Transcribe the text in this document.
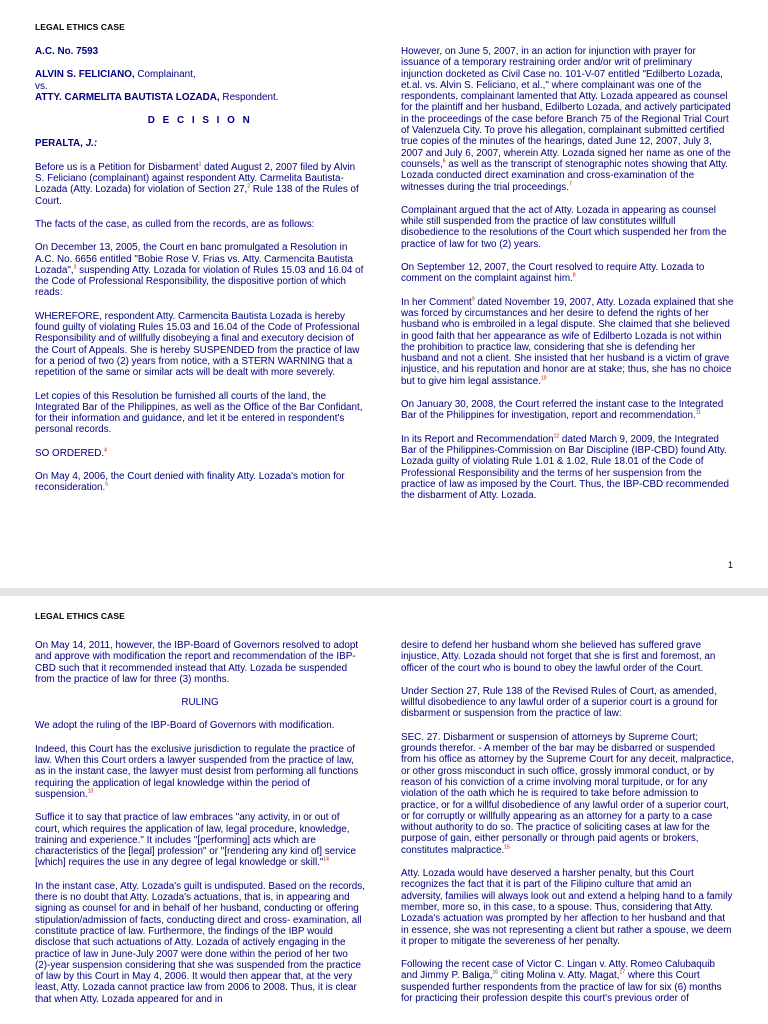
LEGAL ETHICS CASE

A.C. No. 7593

ALVIN S. FELICIANO, Complainant,
vs.
ATTY. CARMELITA BAUTISTA LOZADA, Respondent.

D E C I S I O N

PERALTA, J.:

Before us is a Petition for Disbarment$^1$ dated August 2, 2007 filed by Alvin S. Feliciano (complainant) against respondent Atty. Carmelita Bautista-Lozada (Atty. Lozada) for violation of Section 27,$^2$ Rule 138 of the Rules of Court.

The facts of the case, as culled from the records, are as follows:

On December 13, 2005, the Court en banc promulgated a Resolution in A.C. No. 6656 entitled "Bobie Rose V. Frias vs. Atty. Carmencita Bautista Lozada",$^3$ suspending Atty. Lozada for violation of Rules 15.03 and 16.04 of the Code of Professional Responsibility, the dispositive portion of which reads:

WHEREFORE, respondent Atty. Carmencita Bautista Lozada is hereby found guilty of violating Rules 15.03 and 16.04 of the Code of Professional Responsibility and of willfully disobeying a final and executory decision of the Court of Appeals. She is hereby SUSPENDED from the practice of law for a period of two (2) years from notice, with a STERN WARNING that a repetition of the same or similar acts will be dealt with more severely.

Let copies of this Resolution be furnished all courts of the land, the Integrated Bar of the Philippines, as well as the Office of the Bar Confidant, for their information and guidance, and let it be entered in respondent's personal records.

SO ORDERED.$^4$

On May 4, 2006, the Court denied with finality Atty. Lozada's motion for reconsideration.$^5$

However, on June 5, 2007, in an action for injunction with prayer for issuance of a temporary restraining order and/or writ of preliminary injunction docketed as Civil Case no. 101-V-07 entitled "Edilberto Lozada, et.al. vs. Alvin S. Feliciano, et al.," where complainant was one of the respondents, complainant lamented that Atty. Lozada appeared as counsel for the plaintiff and her husband, Edilberto Lozada, and actively participated in the proceedings of the case before Branch 75 of the Regional Trial Court of Valenzuela City. To prove his allegation, complainant submitted certified true copies of the minutes of the hearings, dated June 12, 2007, July 3, 2007 and July 6, 2007, wherein Atty. Lozada signed her name as one of the counsels,$^6$ as well as the transcript of stenographic notes showing that Atty. Lozada conducted direct examination and cross-examination of the witnesses during the trial proceedings.$^7$

Complainant argued that the act of Atty. Lozada in appearing as counsel while still suspended from the practice of law constitutes willfull disobedience to the resolutions of the Court which suspended her from the practice of law for two (2) years.

On September 12, 2007, the Court resolved to require Atty. Lozada to comment on the complaint against him.$^8$

In her Comment$^9$ dated November 19, 2007, Atty. Lozada explained that she was forced by circumstances and her desire to defend the rights of her husband who is embroiled in a legal dispute. She claimed that she believed in good faith that her appearance as wife of Edilberto Lozada is not within the prohibition to practice law, considering that she is defending her husband and not a client. She insisted that her husband is a victim of grave injustice, and his reputation and honor are at stake; thus, she has no choice but to give him legal assistance.$^{10}$

On January 30, 2008, the Court referred the instant case to the Integrated Bar of the Philippines for investigation, report and recommendation.$^{11}$

In its Report and Recommendation$^{12}$ dated March 9, 2009, the Integrated Bar of the Philippines-Commission on Bar Discipline (IBP-CBD) found Atty. Lozada guilty of violating Rule 1.01 & 1.02, Rule 18.01 of the Code of Professional Responsibility and the terms of her suspension from the practice of law as imposed by the Court. Thus, the IBP-CBD recommended the disbarment of Atty. Lozada.

1
LEGAL ETHICS CASE

On May 14, 2011, however, the IBP-Board of Governors resolved to adopt and approve with modification the report and recommendation of the IBP-CBD such that it recommended instead that Atty. Lozada be suspended from the practice of law for three (3) months.

RULING

We adopt the ruling of the IBP-Board of Governors with modification.

Indeed, this Court has the exclusive jurisdiction to regulate the practice of law. When this Court orders a lawyer suspended from the practice of law, as in the instant case, the lawyer must desist from performing all functions requiring the application of legal knowledge within the period of suspension.$^{13}$

Suffice it to say that practice of law embraces "any activity, in or out of court, which requires the application of law, legal procedure, knowledge, training and experience." It includes "[performing] acts which are characteristics of the [legal] profession" or "[rendering any kind of] service [which] requires the use in any degree of legal knowledge or skill."$^{14}$

In the instant case, Atty. Lozada's guilt is undisputed. Based on the records, there is no doubt that Atty. Lozada's actuations, that is, in appearing and signing as counsel for and in behalf of her husband, conducting or offering stipulation/admission of facts, conducting direct and cross- examination, all constitute practice of law. Furthermore, the findings of the IBP would disclose that such actuations of Atty. Lozada of actively engaging in the practice of law in June-July 2007 were done within the period of her two (2)-year suspension considering that she was suspended from the practice of law by this Court in May 4, 2006. It would then appear that, at the very least, Atty. Lozada cannot practice law from 2006 to 2008. Thus, it is clear that when Atty. Lozada appeared for and in

desire to defend her husband whom she believed has suffered grave injustice, Atty. Lozada should not forget that she is first and foremost, an officer of the court who is bound to obey the lawful order of the Court.

Under Section 27, Rule 138 of the Revised Rules of Court, as amended, willful disobedience to any lawful order of a superior court is a ground for disbarment or suspension from the practice of law:

SEC. 27. Disbarment or suspension of attorneys by Supreme Court; grounds therefor. - A member of the bar may be disbarred or suspended from his office as attorney by the Supreme Court for any deceit, malpractice, or other gross misconduct in such office, grossly immoral conduct, or by reason of his conviction of a crime involving moral turpitude, or for any violation of the oath which he is required to take before admission to practice, or for a willful disobedience of any lawful order of a superior court, or for corruptly or willfully appearing as an attorney for a party to a case without authority to do so. The practice of soliciting cases at law for the purpose of gain, either personally or through paid agents or brokers, constitutes malpractice.$^{15}$

Atty. Lozada would have deserved a harsher penalty, but this Court recognizes the fact that it is part of the Filipino culture that amid an adversity, families will always look out and extend a helping hand to a family member, more so, in this case, to a spouse. Thus, considering that Atty. Lozada's actuation was prompted by her affection to her husband and that in essence, she was not representing a client but rather a spouse, we deem it proper to mitigate the severeness of her penalty.

Following the recent case of Victor C. Lingan v. Atty. Romeo Calubaquib and Jimmy P. Baliga,$^{16}$ citing Molina v. Atty. Magat,$^{17}$ where this Court suspended further respondents from the practice of law for six (6) months for practicing their profession despite this court's previous order of
